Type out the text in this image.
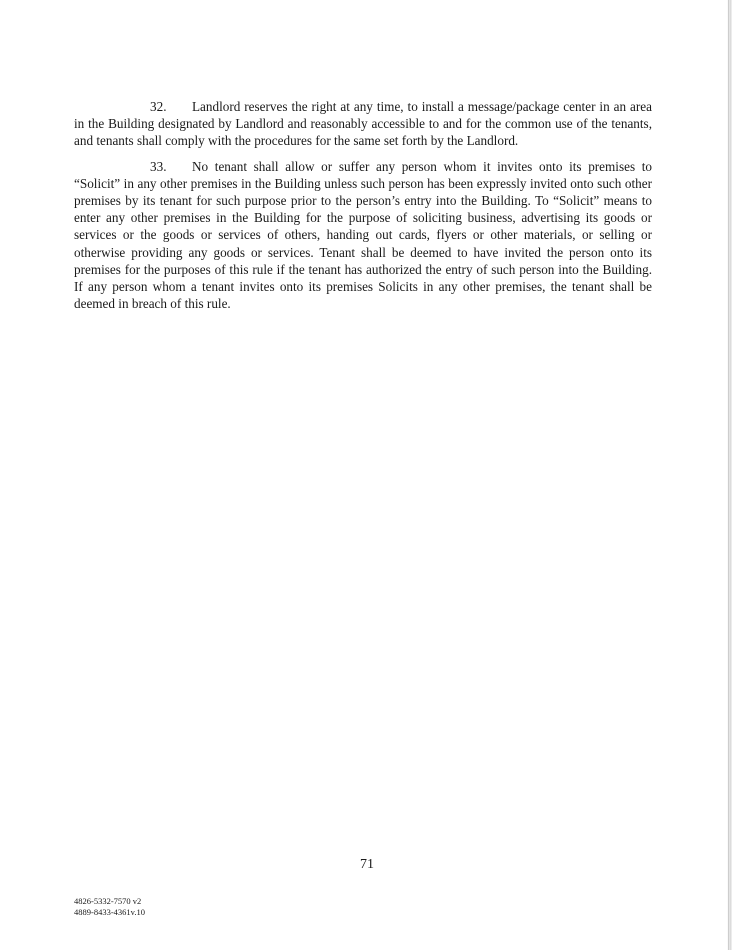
32. Landlord reserves the right at any time, to install a message/package center in an area in the Building designated by Landlord and reasonably accessible to and for the common use of the tenants, and tenants shall comply with the procedures for the same set forth by the Landlord.

33. No tenant shall allow or suffer any person whom it invites onto its premises to “Solicit” in any other premises in the Building unless such person has been expressly invited onto such other premises by its tenant for such purpose prior to the person’s entry into the Building. To “Solicit” means to enter any other premises in the Building for the purpose of soliciting business, advertising its goods or services or the goods or services of others, handing out cards, flyers or other materials, or selling or otherwise providing any goods or services. Tenant shall be deemed to have invited the person onto its premises for the purposes of this rule if the tenant has authorized the entry of such person into the Building. If any person whom a tenant invites onto its premises Solicits in any other premises, the tenant shall be deemed in breach of this rule.

71
4826-5332-7570 v2
4889-8433-4361v.10
